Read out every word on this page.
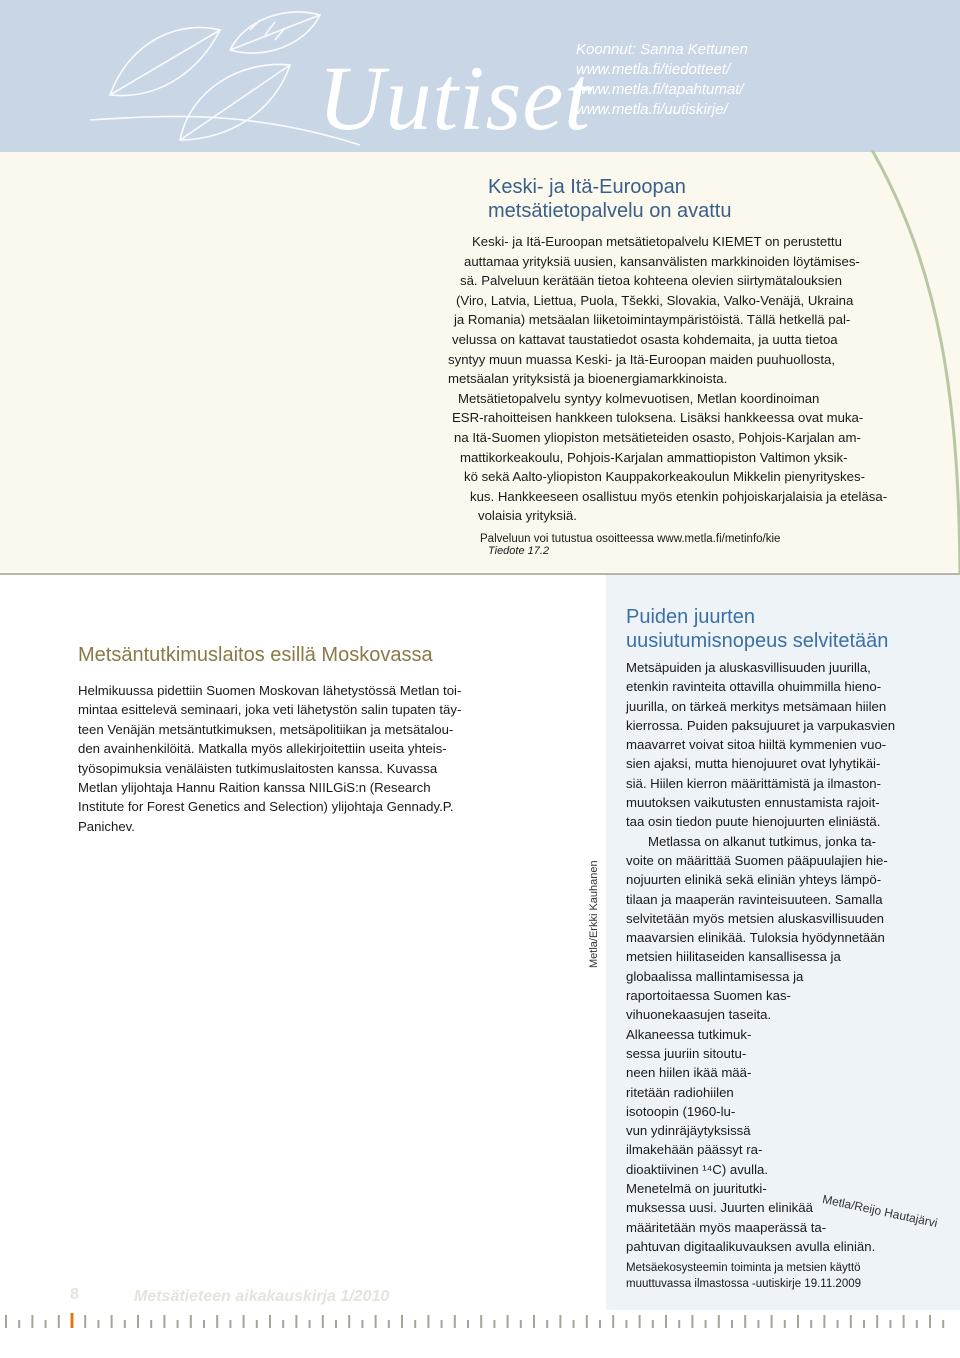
Uutiset
Koonnut: Sanna Kettunen
www.metla.fi/tiedotteet/
www.metla.fi/tapahtumat/
www.metla.fi/uutiskirje/
Keski- ja Itä-Euroopan
metsätietopalvelu on avattu
Keski- ja Itä-Euroopan metsätietopalvelu KIEMET on perustettu
auttamaa yrityksiä uusien, kansanvälisten markkinoiden löytämises-
sä. Palveluun kerätään tietoa kohteena olevien siirtymätalouksien
(Viro, Latvia, Liettua, Puola, Tšekki, Slovakia, Valko-Venäjä, Ukraina
ja Romania) metsäalan liiketoimintaympäristöistä. Tällä hetkellä pal-
velussa on kattavat taustatiedot osasta kohdemaita, ja uutta tietoa
syntyy muun muassa Keski- ja Itä-Euroopan maiden puuhuollosta,
metsäalan yrityksistä ja bioenergiamarkkinoista.
Metsätietopalvelu syntyy kolmevuotisen, Metlan koordinoiman
ESR-rahoitteisen hankkeen tuloksena. Lisäksi hankkeessa ovat muka-
na Itä-Suomen yliopiston metsätieteiden osasto, Pohjois-Karjalan am-
mattikorkeakoulu, Pohjois-Karjalan ammattiopiston Valtimon yksik-
kö sekä Aalto-yliopiston Kauppakorkeakoulun Mikkelin pienyrityskes-
kus. Hankkeeseen osallistuu myös etenkin pohjoiskarjalaisia ja eteläsa-
volaisia yrityksiä.
Palveluun voi tutustua osoitteessa www.metla.fi/metinfo/kie
Tiedote 17.2
Metsäntutkimuslaitos esillä Moskovassa
Helmikuussa pidettiin Suomen Moskovan lähetystössä Metlan toi-
mintaa esittelevä seminaari, joka veti lähetystön salin tupaten täy-
teen Venäjän metsäntutkimuksen, metsäpolitiikan ja metsätalou-
den avainhenkilöitä. Matkalla myös allekirjoitettiin useita yhteis-
työsopimuksia venäläisten tutkimuslaitosten kanssa. Kuvassa
Metlan ylijohtaja Hannu Raition kanssa NIILGiS:n (Research
Institute for Forest Genetics and Selection) ylijohtaja Gennady.P.
Panichev.
Metla/Erkki Kauhanen
Puiden juurten
uusiutumisnopeus selvitetään
Metsäpuiden ja aluskasvillisuuden juurilla,
etenkin ravinteita ottavilla ohuimmilla hieno-
juurilla, on tärkeä merkitys metsämaan hiilen
kierrossa. Puiden paksujuuret ja varpukasvien
maavarret voivat sitoa hiiltä kymmenien vuo-
sien ajaksi, mutta hienojuuret ovat lyhytikäi-
siä. Hiilen kierron määrittämistä ja ilmaston-
muutoksen vaikutusten ennustamista rajoit-
taa osin tiedon puute hienojuurten eliniästä.
Metlassa on alkanut tutkimus, jonka ta-
voite on määrittää Suomen pääpuulajien hie-
nojuurten elinikä sekä eliniän yhteys lämpö-
tilaan ja maaperän ravinteisuuteen. Samalla
selvitetään myös metsien aluskasvillisuuden
maavarsien elinikää. Tuloksia hyödynnetään
metsien hiilitaseiden kansallisessa ja
globaalissa mallintamisessa ja
raportoitaessa Suomen kas-
vihuonekaasujen taseita.
Alkaneessa tutkimuk-
sessa juuriin sitoutu-
neen hiilen ikää mää-
ritetään radiohiilen
isotoopin (1960-lu-
vun ydinräjäytyksissä
ilmakehään päässyt ra-
dioaktiivinen ¹⁴C) avulla.
Menetelmä on juuritutki-
muksessa uusi. Juurten elinikää
määritetään myös maaperässä ta-
pahtuvan digitaalikuvauksen avulla eliniän.
Metsäekosysteemin toiminta ja metsien käyttö
muuttuvassa ilmastossa -uutiskirje 19.11.2009
Metla/Reijo Hautajärvi
8	Metsätieteen aikakauskirja 1/2010
